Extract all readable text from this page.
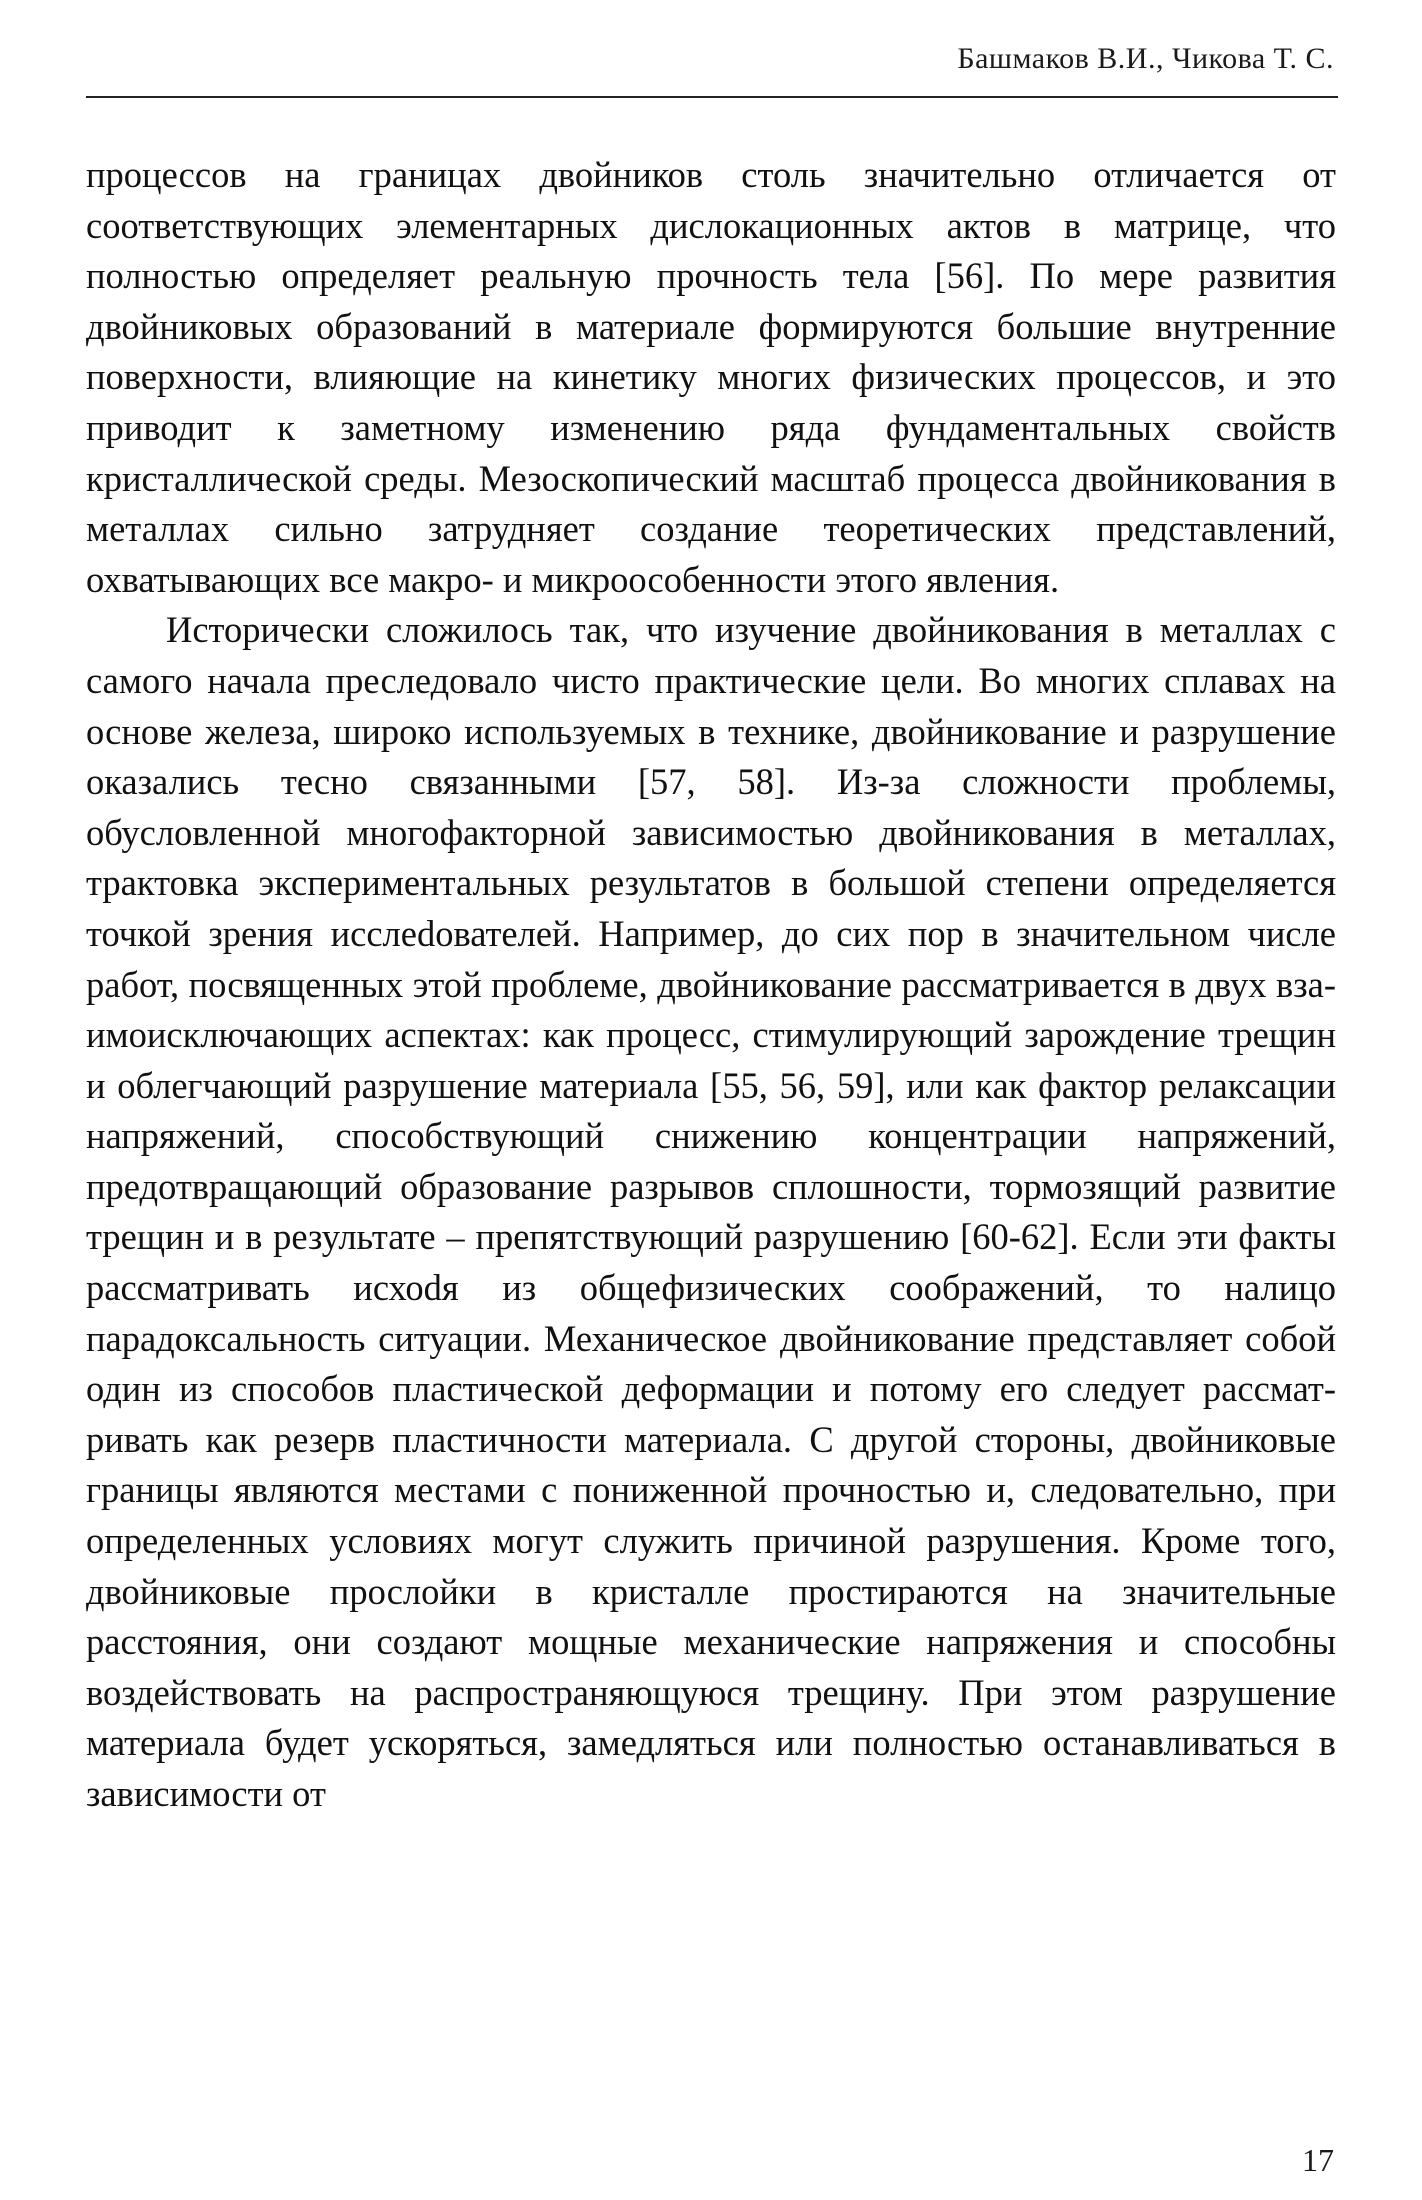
Башмаков В.И., Чикова Т. С.

процессов на границах двойников столь значительно отличается от соответствующих элементарных дислокационных актов в матрице, что полностью определяет реальную прочность тела [56]. По мере развития двойниковых образований в материале формируются большие внутренние поверхности, влияющие на кинетику многих физических процессов, и это приводит к заметному изменению ряда фундаментальных свойств кристаллической среды. Мезоскопический масштаб процесса двойникования в металлах сильно затрудняет создание теоретических представлений, охватывающих все макро- и микроособенности этого явления.

Исторически сложилось так, что изучение двойникования в металлах с самого начала преследовало чисто практические цели. Во многих сплавах на основе железа, широко используемых в технике, двойникование и разрушение оказались тесно связанными [57, 58]. Из-за сложности проблемы, обусловленной многофакторной зависимостью двойникования в металлах, трактовка экспериментальных результатов в большой степени определяется точкой зрения исслеdователей. Например, до сих пор в значительном числе работ, посвященных этой проблеме, двойникование рассматривается в двух взаимоисключающих аспектах: как процесс, стимулирующий зарождение трещин и облегчающий разрушение материала [55, 56, 59], или как фактор релаксации напряжений, способствующий снижению концентрации напряжений, предотвращающий образование разрывов сплошности, тормозящий развитие трещин и в результате – препятствующий разрушению [60-62]. Если эти факты рассматривать исхоdя из общефизических соображений, то налицо парадоксальность ситуации. Механическое двойникование представляет собой один из способов пластической деформации и потому его следует рассматривать как резерв пластичности материала. С другой стороны, двойниковые границы являются местами с пониженной прочностью и, следовательно, при определенных условиях могут служить причиной разрушения. Кроме того, двойниковые прослойки в кристалле простираются на значительные расстояния, они создают мощные механические напряжения и способны воздействовать на распространяющуюся трещину. При этом разрушение материала будет ускоряться, замедляться или полностью останавливаться в зависимости от

17
